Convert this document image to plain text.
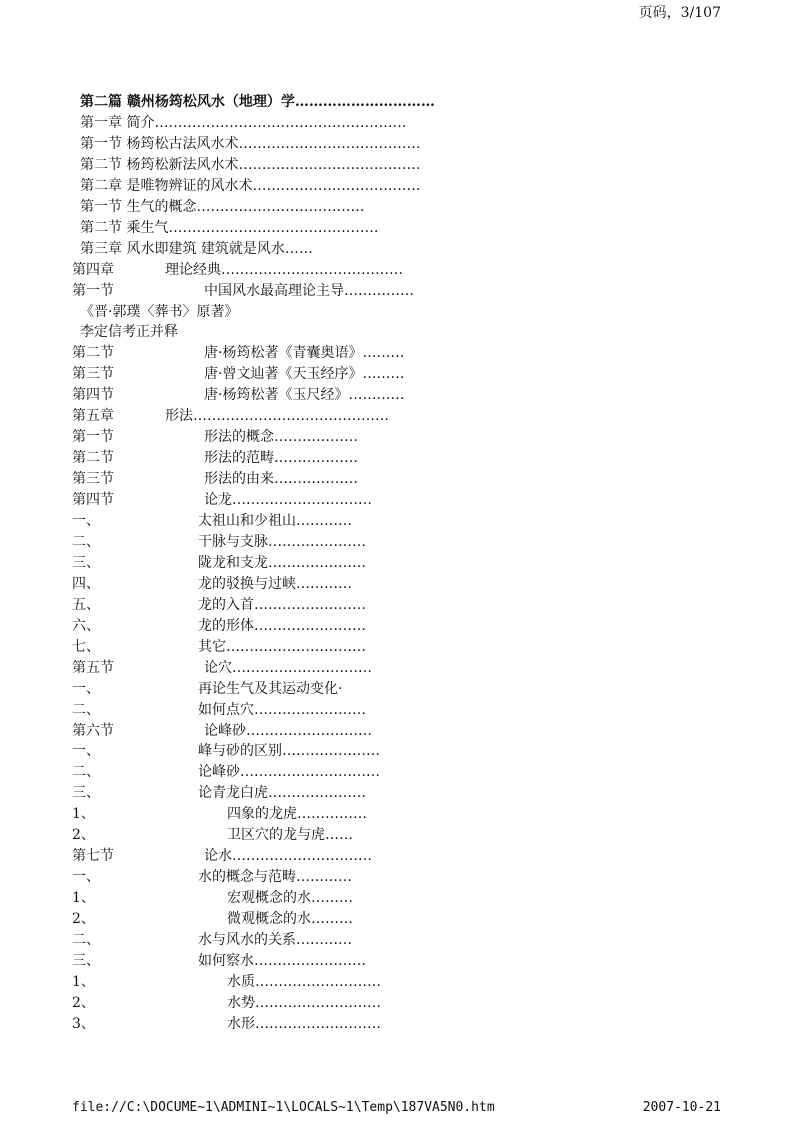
页码，3/107
第二篇 赣州杨筠松风水（地理）学…………………………
第一章 简介………………………………………………
第一节 杨筠松古法风水术…………………………………
第二节 杨筠松新法风水术…………………………………
第二章 是唯物辨证的风水术………………………………
第一节 生气的概念………………………………
第二节 乘生气………………………………………
第三章 风水即建筑 建筑就是风水……
第四章	理论经典…………………………………
第一节	中国风水最高理论主导……………
《晋·郭璞〈葬书〉原著》
李定信考正并释
第二节	唐·杨筠松著《青囊奥语》………
第三节	唐·曾文辿著《天玉经序》………
第四节	唐·杨筠松著《玉尺经》…………
第五章	形法……………………………………
第一节	形法的概念………………
第二节	形法的范畴………………
第三节	形法的由来………………
第四节	论龙…………………………
一、	太祖山和少祖山…………
二、	干脉与支脉…………………
三、	陇龙和支龙…………………
四、	龙的驳换与过峡…………
五、	龙的入首……………………
六、	龙的形体……………………
七、	其它…………………………
第五节	论穴…………………………
一、	再论生气及其运动变化·
二、	如何点穴……………………
第六节	论峰砂………………………
一、	峰与砂的区别…………………
二、	论峰砂…………………………
三、	论青龙白虎…………………
1、	四象的龙虎……………
2、	卫区穴的龙与虎……
第七节	论水…………………………
一、	水的概念与范畴…………
1、	宏观概念的水………
2、	微观概念的水………
二、	水与风水的关系…………
三、	如何察水……………………
1、	水质………………………
2、	水势………………………
3、	水形………………………
file://C:\DOCUME~1\ADMINI~1\LOCALS~1\Temp\187VA5N0.htm	2007-10-21
